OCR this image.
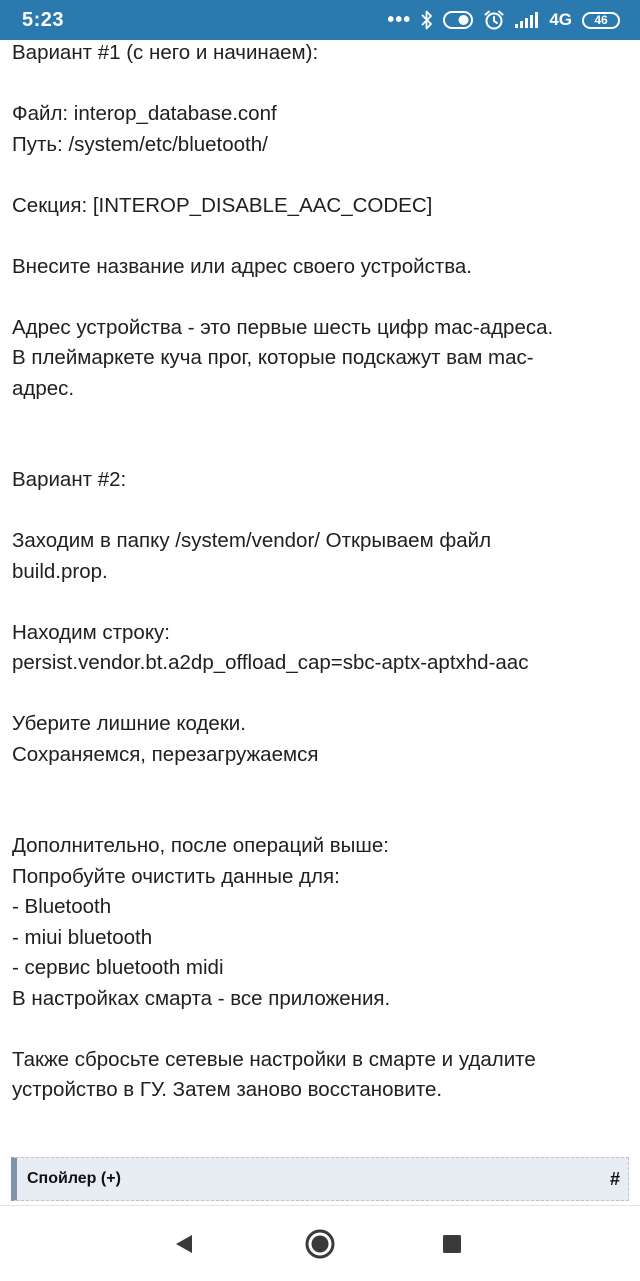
5:23	•••	4G 46
Вариант #1 (с него и начинаем):
Файл: interop_database.conf
Путь: /system/etc/bluetooth/
Секция: [INTEROP_DISABLE_AAC_CODEC]
Внесите название или адрес своего устройства.
Адрес устройства - это первые шесть цифр mac-адреса.
В плеймаркете куча прог, которые подскажут вам mac-
адрес.
Вариант #2:
Заходим в папку /system/vendor/ Открываем файл
build.prop.
Находим строку:
persist.vendor.bt.a2dp_offload_cap=sbc-aptx-aptxhd-aac
Уберите лишние кодеки.
Сохраняемся, перезагружаемся
Дополнительно, после операций выше:
Попробуйте очистить данные для:
- Bluetooth
- miui bluetooth
- сервис bluetooth midi
В настройках смарта - все приложения.
Также сбросьте сетевые настройки в смарте и удалите
устройство в ГУ. Затем заново восстановите.
Спойлер (+)	#
